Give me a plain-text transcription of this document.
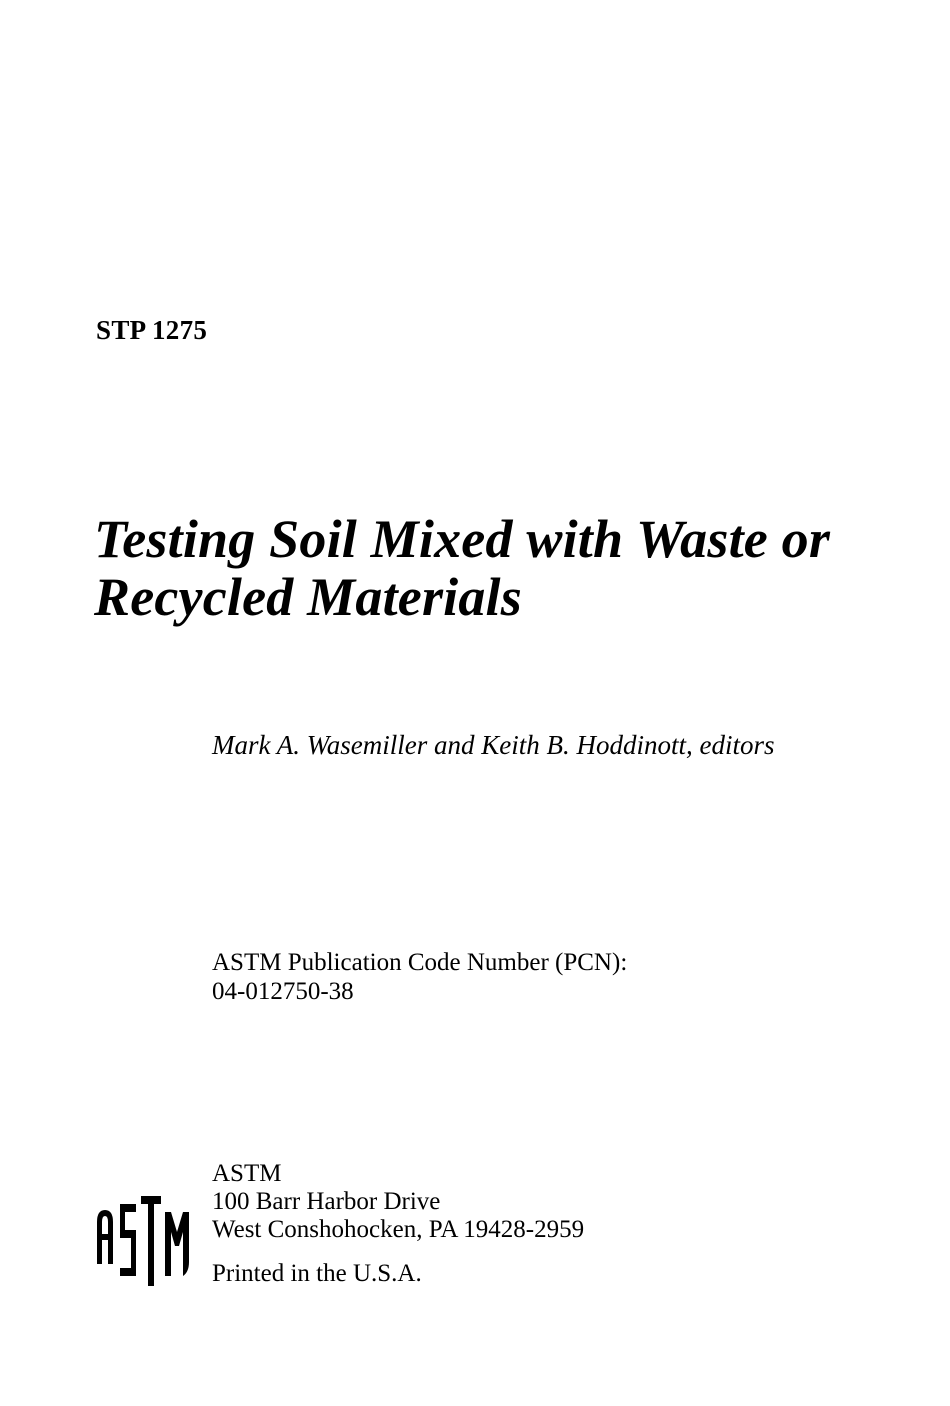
STP 1275

Testing Soil Mixed with Waste or
Recycled Materials

Mark A. Wasemiller and Keith B. Hoddinott, editors

ASTM Publication Code Number (PCN):
04-012750-38
ASTM
100 Barr Harbor Drive
West Conshohocken, PA 19428-2959
Printed in the U.S.A.
